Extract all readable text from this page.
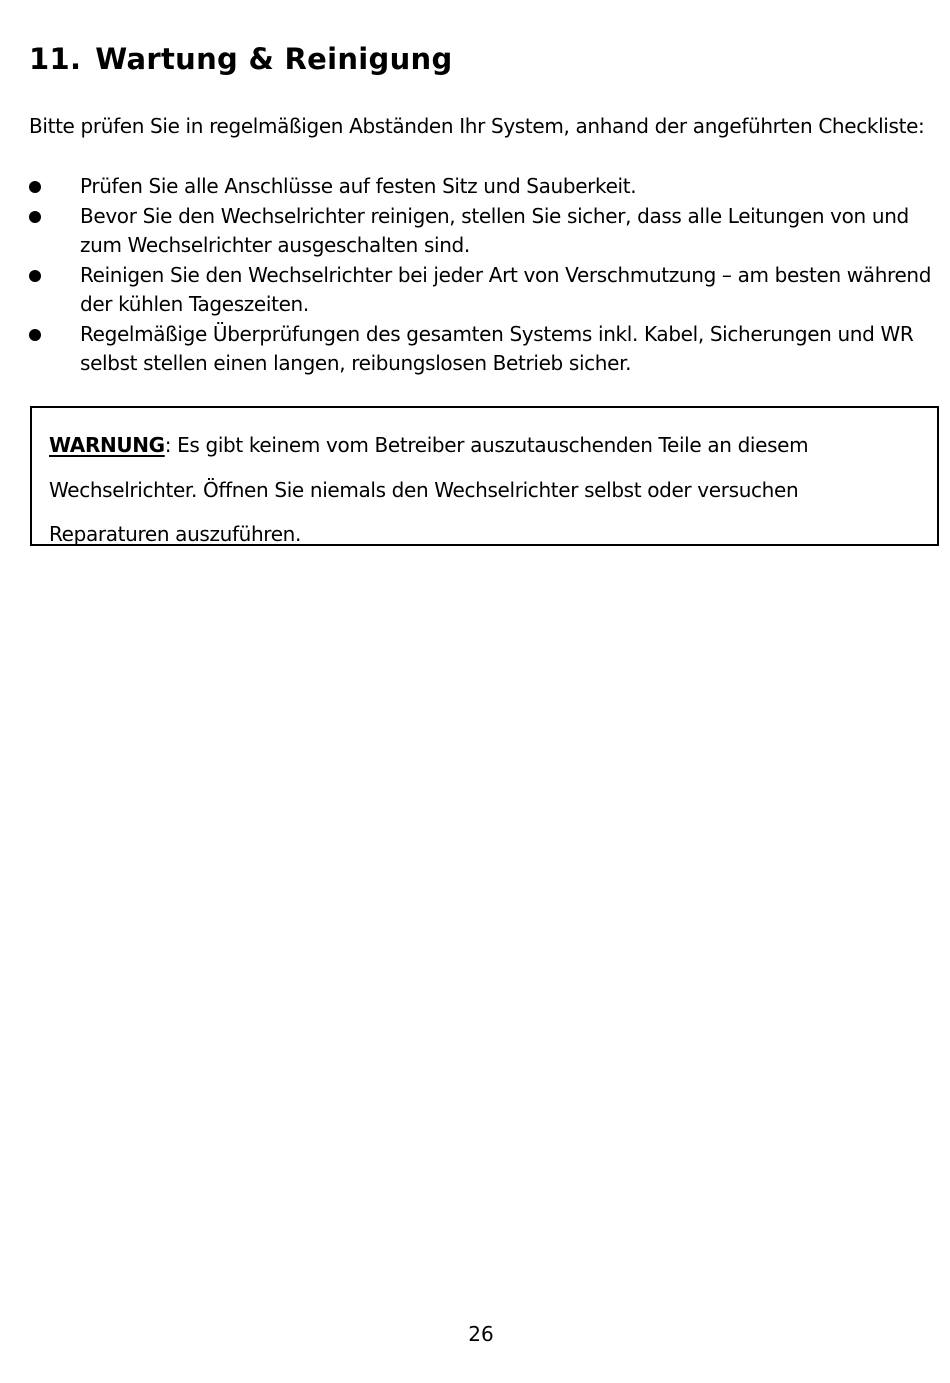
11. Wartung & Reinigung

Bitte prüfen Sie in regelmäßigen Abständen Ihr System, anhand der angeführten Checkliste:

Prüfen Sie alle Anschlüsse auf festen Sitz und Sauberkeit.
Bevor Sie den Wechselrichter reinigen, stellen Sie sicher, dass alle Leitungen von und zum Wechselrichter ausgeschalten sind.
Reinigen Sie den Wechselrichter bei jeder Art von Verschmutzung – am besten während der kühlen Tageszeiten.
Regelmäßige Überprüfungen des gesamten Systems inkl. Kabel, Sicherungen und WR selbst stellen einen langen, reibungslosen Betrieb sicher.

WARNUNG: Es gibt keinem vom Betreiber auszutauschenden Teile an diesem Wechselrichter. Öffnen Sie niemals den Wechselrichter selbst oder versuchen Reparaturen auszuführen.

26
